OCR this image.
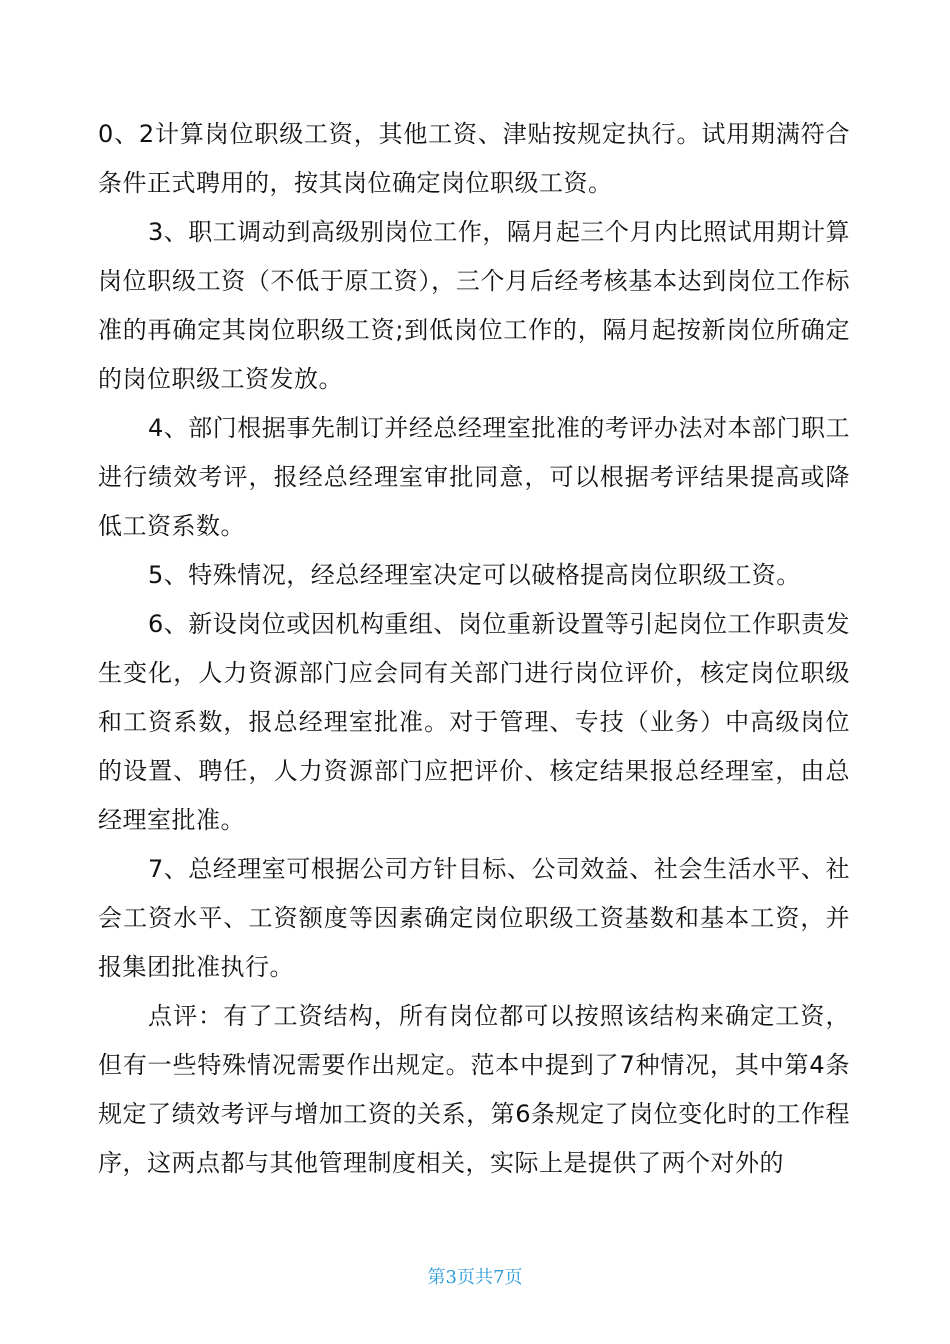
0、2计算岗位职级工资，其他工资、津贴按规定执行。试用期满符合条件正式聘用的，按其岗位确定岗位职级工资。

3、职工调动到高级别岗位工作，隔月起三个月内比照试用期计算岗位职级工资（不低于原工资），三个月后经考核基本达到岗位工作标准的再确定其岗位职级工资;到低岗位工作的，隔月起按新岗位所确定的岗位职级工资发放。

4、部门根据事先制订并经总经理室批准的考评办法对本部门职工进行绩效考评，报经总经理室审批同意，可以根据考评结果提高或降低工资系数。

5、特殊情况，经总经理室决定可以破格提高岗位职级工资。

6、新设岗位或因机构重组、岗位重新设置等引起岗位工作职责发生变化，人力资源部门应会同有关部门进行岗位评价，核定岗位职级和工资系数，报总经理室批准。对于管理、专技（业务）中高级岗位的设置、聘任，人力资源部门应把评价、核定结果报总经理室，由总经理室批准。

7、总经理室可根据公司方针目标、公司效益、社会生活水平、社会工资水平、工资额度等因素确定岗位职级工资基数和基本工资，并报集团批准执行。

点评：有了工资结构，所有岗位都可以按照该结构来确定工资，但有一些特殊情况需要作出规定。范本中提到了7种情况，其中第4条规定了绩效考评与增加工资的关系，第6条规定了岗位变化时的工作程序，这两点都与其他管理制度相关，实际上是提供了两个对外的

第3页共7页
